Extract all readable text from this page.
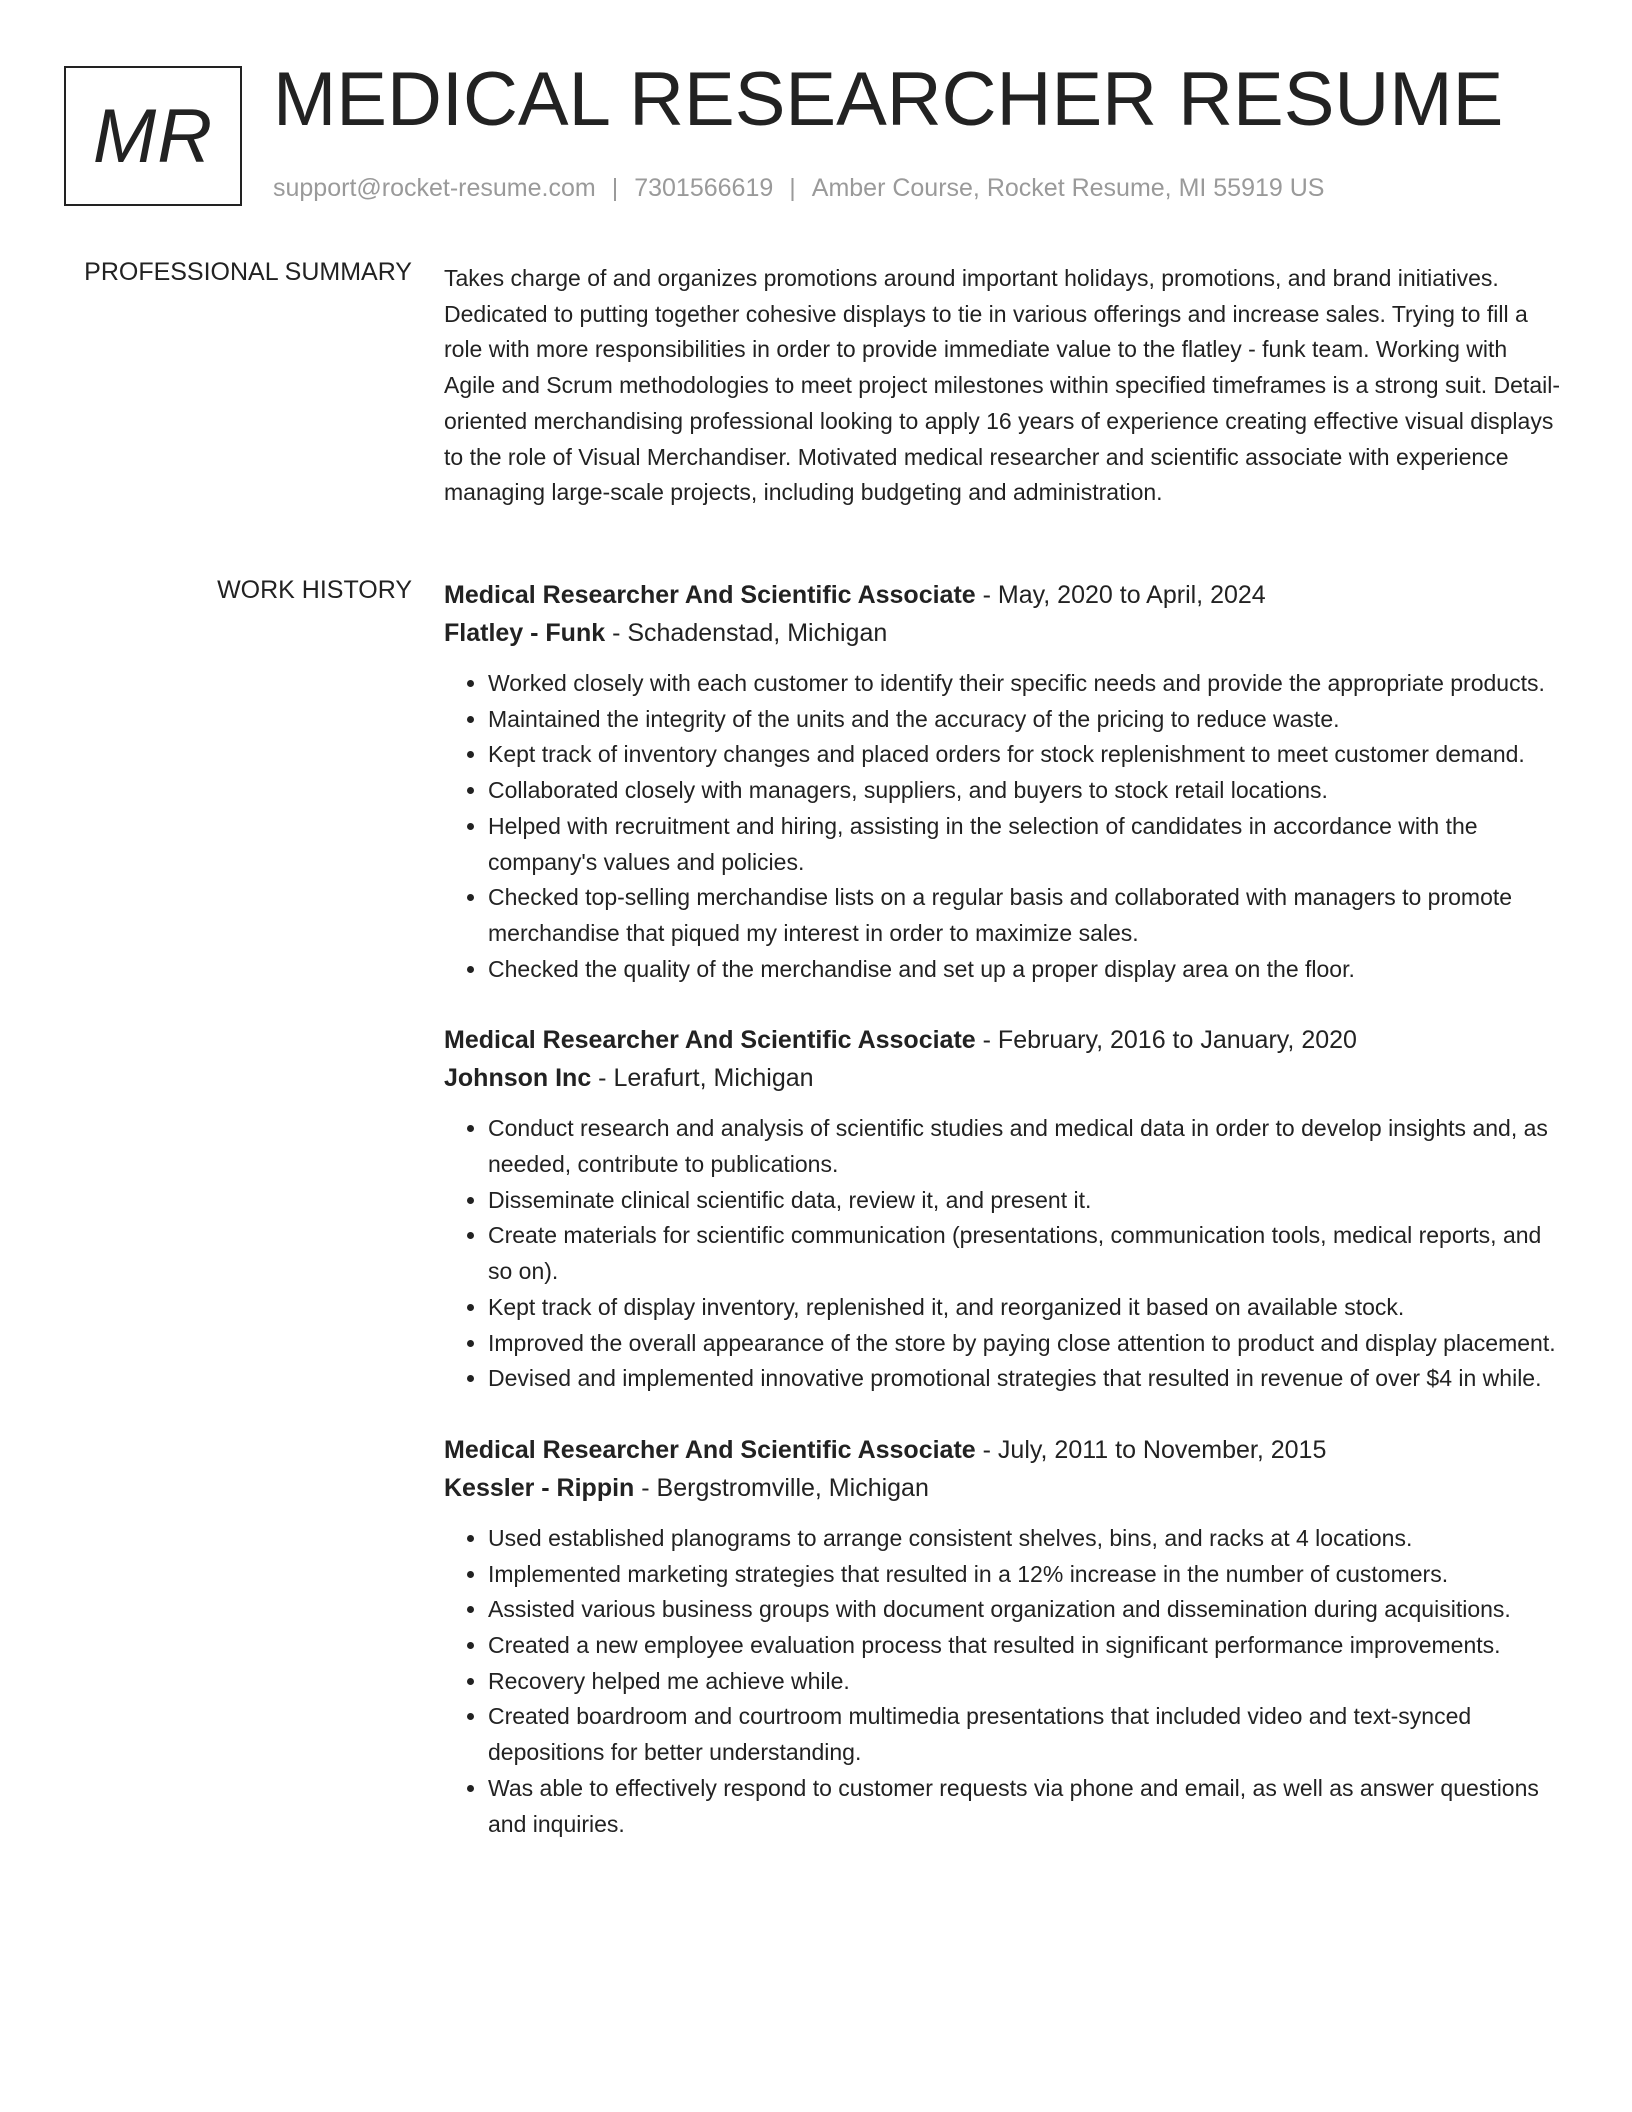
MR MEDICAL RESEARCHER RESUME
support@rocket-resume.com | 7301566619 | Amber Course, Rocket Resume, MI 55919 US
PROFESSIONAL SUMMARY Takes charge of and organizes promotions around important holidays, promotions, and brand initiatives. Dedicated to putting together cohesive displays to tie in various offerings and increase sales. Trying to fill a role with more responsibilities in order to provide immediate value to the flatley - funk team. Working with Agile and Scrum methodologies to meet project milestones within specified timeframes is a strong suit. Detail-oriented merchandising professional looking to apply 16 years of experience creating effective visual displays to the role of Visual Merchandiser. Motivated medical researcher and scientific associate with experience managing large-scale projects, including budgeting and administration.

WORK HISTORY Medical Researcher And Scientific Associate - May, 2020 to April, 2024
Flatley - Funk - Schadenstad, Michigan
• Worked closely with each customer to identify their specific needs and provide the appropriate products.
• Maintained the integrity of the units and the accuracy of the pricing to reduce waste.
• Kept track of inventory changes and placed orders for stock replenishment to meet customer demand.
• Collaborated closely with managers, suppliers, and buyers to stock retail locations.
• Helped with recruitment and hiring, assisting in the selection of candidates in accordance with the company's values and policies.
• Checked top-selling merchandise lists on a regular basis and collaborated with managers to promote merchandise that piqued my interest in order to maximize sales.
• Checked the quality of the merchandise and set up a proper display area on the floor.
Medical Researcher And Scientific Associate - February, 2016 to January, 2020
Johnson Inc - Lerafurt, Michigan
• Conduct research and analysis of scientific studies and medical data in order to develop insights and, as needed, contribute to publications.
• Disseminate clinical scientific data, review it, and present it.
• Create materials for scientific communication (presentations, communication tools, medical reports, and so on).
• Kept track of display inventory, replenished it, and reorganized it based on available stock.
• Improved the overall appearance of the store by paying close attention to product and display placement.
• Devised and implemented innovative promotional strategies that resulted in revenue of over $4 in while.
Medical Researcher And Scientific Associate - July, 2011 to November, 2015
Kessler - Rippin - Bergstromville, Michigan
• Used established planograms to arrange consistent shelves, bins, and racks at 4 locations.
• Implemented marketing strategies that resulted in a 12% increase in the number of customers.
• Assisted various business groups with document organization and dissemination during acquisitions.
• Created a new employee evaluation process that resulted in significant performance improvements.
• Recovery helped me achieve while.
• Created boardroom and courtroom multimedia presentations that included video and text-synced depositions for better understanding.
• Was able to effectively respond to customer requests via phone and email, as well as answer questions and inquiries.
